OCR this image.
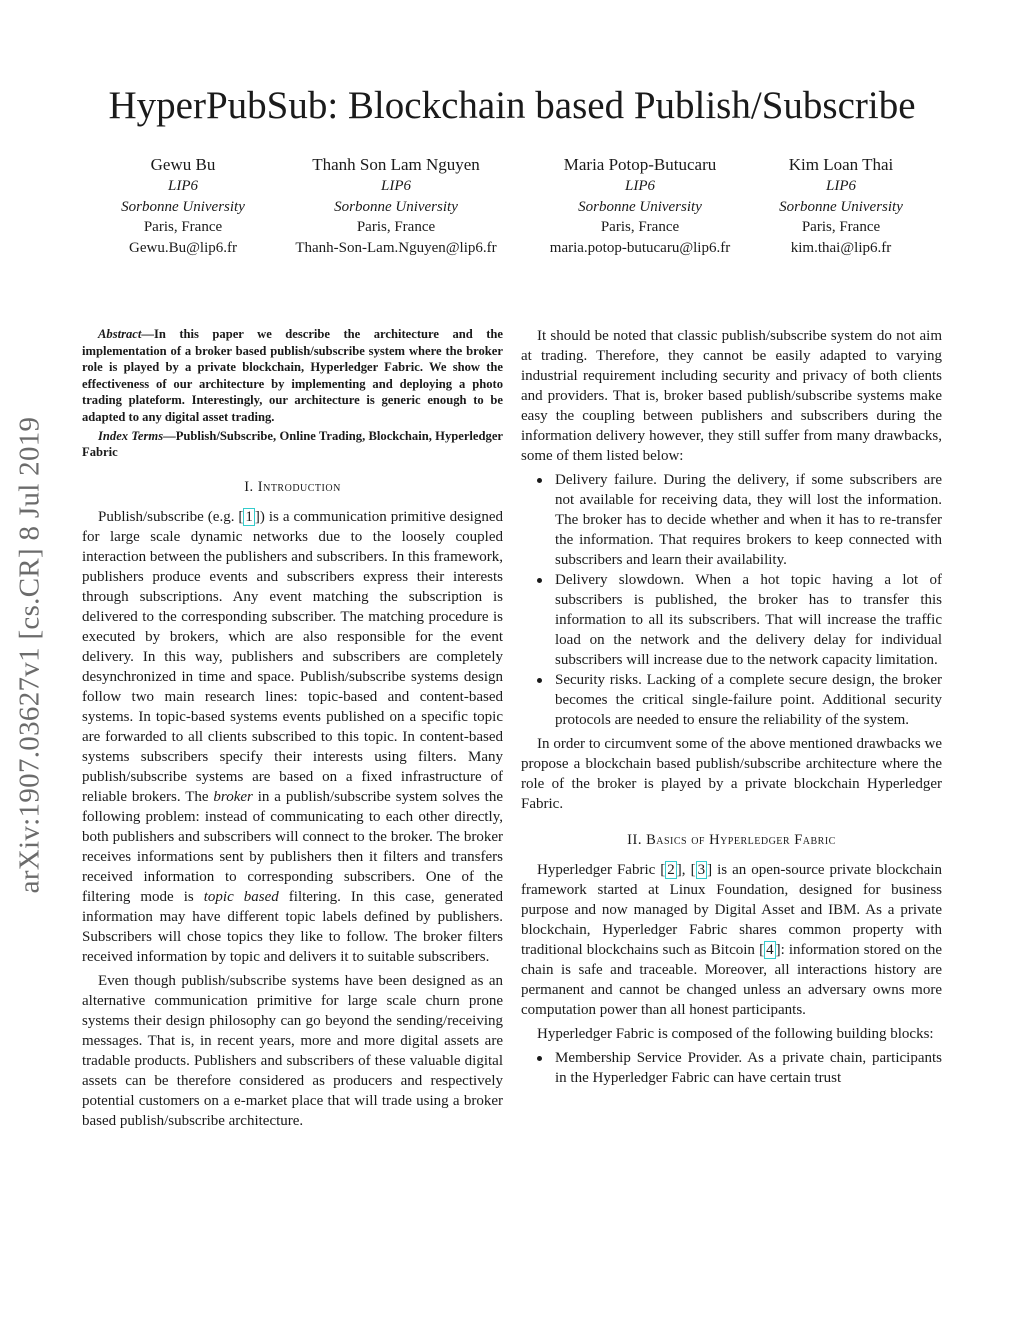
arXiv:1907.03627v1 [cs.CR] 8 Jul 2019
HyperPubSub: Blockchain based Publish/Subscribe
Gewu Bu
LIP6
Sorbonne University
Paris, France
Gewu.Bu@lip6.fr
Thanh Son Lam Nguyen
LIP6
Sorbonne University
Paris, France
Thanh-Son-Lam.Nguyen@lip6.fr
Maria Potop-Butucaru
LIP6
Sorbonne University
Paris, France
maria.potop-butucaru@lip6.fr
Kim Loan Thai
LIP6
Sorbonne University
Paris, France
kim.thai@lip6.fr

Abstract—In this paper we describe the architecture and the implementation of a broker based publish/subscribe system where the broker role is played by a private blockchain, Hyperledger Fabric. We show the effectiveness of our architecture by implementing and deploying a photo trading plateform. Interestingly, our architecture is generic enough to be adapted to any digital asset trading.

Index Terms—Publish/Subscribe, Online Trading, Blockchain, Hyperledger Fabric

I. Introduction

Publish/subscribe (e.g. [ 1 ]) is a communication primitive designed for large scale dynamic networks due to the loosely coupled interaction between the publishers and subscribers. In this framework, publishers produce events and subscribers express their interests through subscriptions. Any event matching the subscription is delivered to the corresponding subscriber. The matching procedure is executed by brokers, which are also responsible for the event delivery. In this way, publishers and subscribers are completely desynchronized in time and space. Publish/subscribe systems design follow two main research lines: topic-based and content-based systems. In topic-based systems events published on a specific topic are forwarded to all clients subscribed to this topic. In content-based systems subscribers specify their interests using filters. Many publish/subscribe systems are based on a fixed infrastructure of reliable brokers. The broker in a publish/subscribe system solves the following problem: instead of communicating to each other directly, both publishers and subscribers will connect to the broker. The broker receives informations sent by publishers then it filters and transfers received information to corresponding subscribers. One of the filtering mode is topic based filtering. In this case, generated information may have different topic labels defined by publishers. Subscribers will chose topics they like to follow. The broker filters received information by topic and delivers it to suitable subscribers.

Even though publish/subscribe systems have been designed as an alternative communication primitive for large scale churn prone systems their design philosophy can go beyond the sending/receiving messages. That is, in recent years, more and more digital assets are tradable products. Publishers and subscribers of these valuable digital assets can be therefore considered as producers and respectively potential customers on a e-market place that will trade using a broker based publish/subscribe architecture.

It should be noted that classic publish/subscribe system do not aim at trading. Therefore, they cannot be easily adapted to varying industrial requirement including security and privacy of both clients and providers. That is, broker based publish/subscribe systems make easy the coupling between publishers and subscribers during the information delivery however, they still suffer from many drawbacks, some of them listed below:

Delivery failure. During the delivery, if some subscribers are not available for receiving data, they will lost the information. The broker has to decide whether and when it has to re-transfer the information. That requires brokers to keep connected with subscribers and learn their availability.
Delivery slowdown. When a hot topic having a lot of subscribers is published, the broker has to transfer this information to all its subscribers. That will increase the traffic load on the network and the delivery delay for individual subscribers will increase due to the network capacity limitation.
Security risks. Lacking of a complete secure design, the broker becomes the critical single-failure point. Additional security protocols are needed to ensure the reliability of the system.

In order to circumvent some of the above mentioned drawbacks we propose a blockchain based publish/subscribe architecture where the role of the broker is played by a private blockchain Hyperledger Fabric.

II. Basics of Hyperledger Fabric

Hyperledger Fabric [ 2 ], [ 3 ] is an open-source private blockchain framework started at Linux Foundation, designed for business purpose and now managed by Digital Asset and IBM. As a private blockchain, Hyperledger Fabric shares common property with traditional blockchains such as Bitcoin [ 4 ]: information stored on the chain is safe and traceable. Moreover, all interactions history are permanent and cannot be changed unless an adversary owns more computation power than all honest participants.

Hyperledger Fabric is composed of the following building blocks:

Membership Service Provider. As a private chain, participants in the Hyperledger Fabric can have certain trust
